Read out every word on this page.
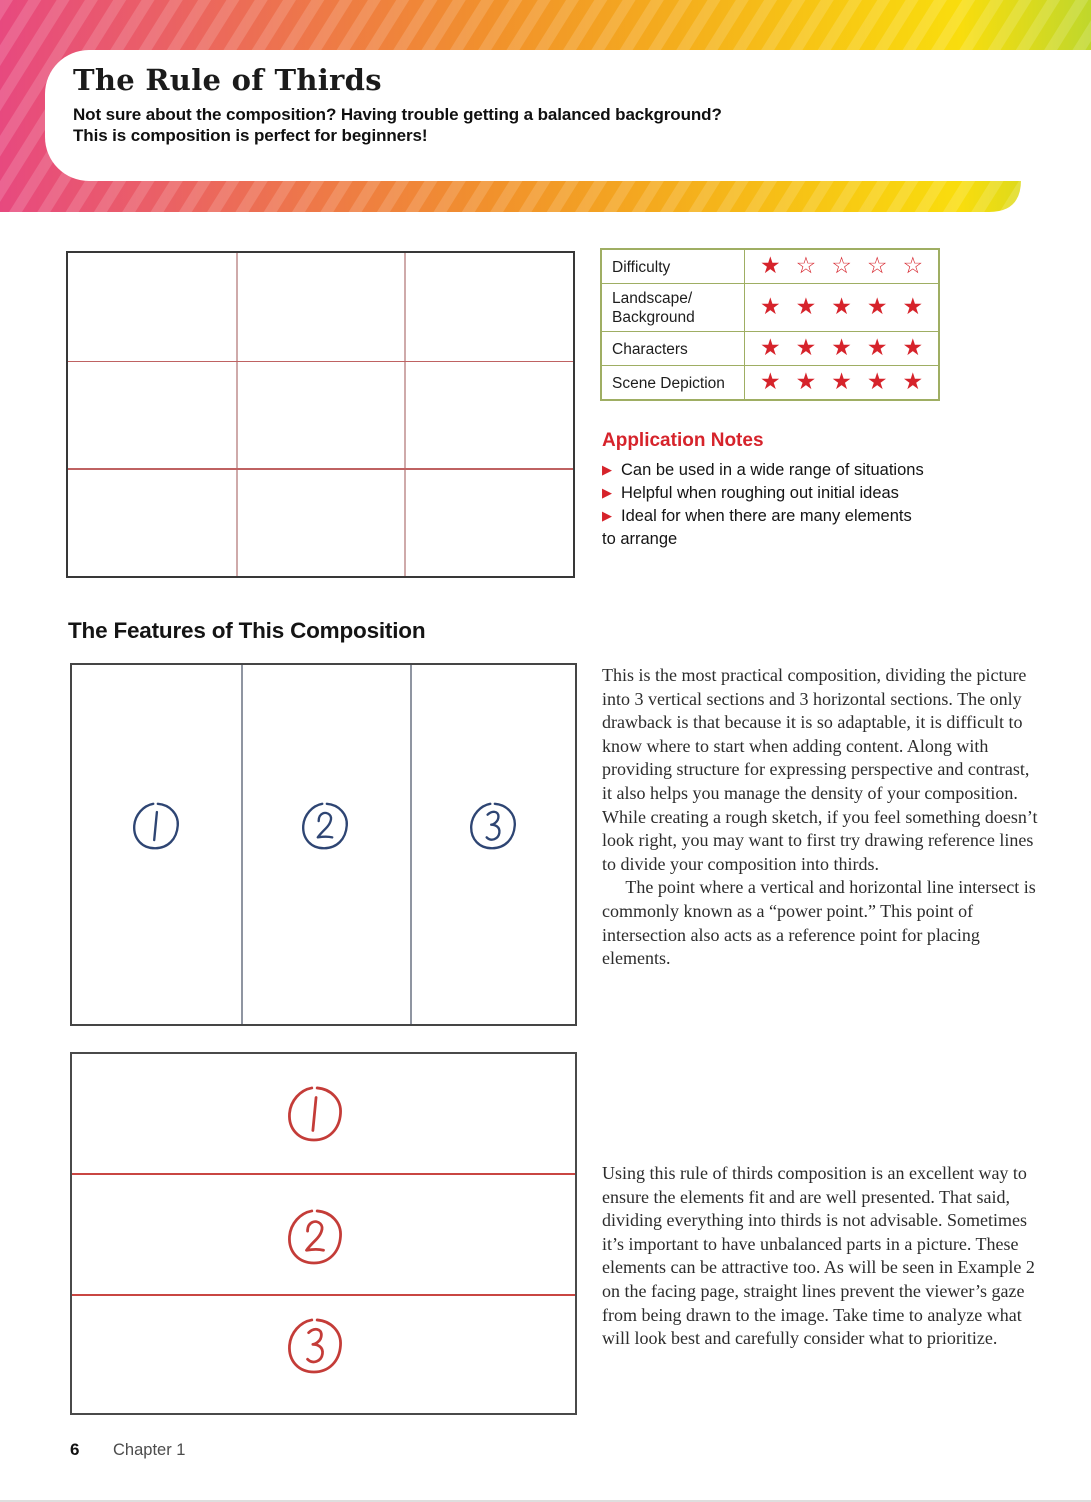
The Rule of Thirds

Not sure about the composition? Having trouble getting a balanced background?
This is composition is perfect for beginners!

Difficulty	★ ☆ ☆ ☆ ☆
Landscape/​Background	★ ★ ★ ★ ★
Characters	★ ★ ★ ★ ★
Scene Depiction	★ ★ ★ ★ ★
Application Notes
▶ Can be used in a wide range of situations
▶ Helpful when roughing out initial ideas
▶ Ideal for when there are many elements
to arrange
The Features of This Composition

This is the most practical composition, dividing the picture into 3 vertical sections and 3 horizontal sections. The only drawback is that because it is so adaptable, it is difficult to know where to start when adding content. Along with providing structure for expressing perspective and contrast, it also helps you manage the density of your composition. While creating a rough sketch, if you feel something doesn’t look right, you may want to first try drawing reference lines to divide your composition into thirds.

The point where a vertical and horizontal line intersect is commonly known as a “power point.” This point of intersection also acts as a reference point for placing elements.

Using this rule of thirds composition is an excellent way to ensure the elements fit and are well presented. That said, dividing everything into thirds is not advisable. Sometimes it’s important to have unbalanced parts in a picture. These elements can be attractive too. As will be seen in Example 2 on the facing page, straight lines prevent the viewer’s gaze from being drawn to the image. Take time to analyze what will look best and carefully consider what to prioritize.

6 Chapter 1
